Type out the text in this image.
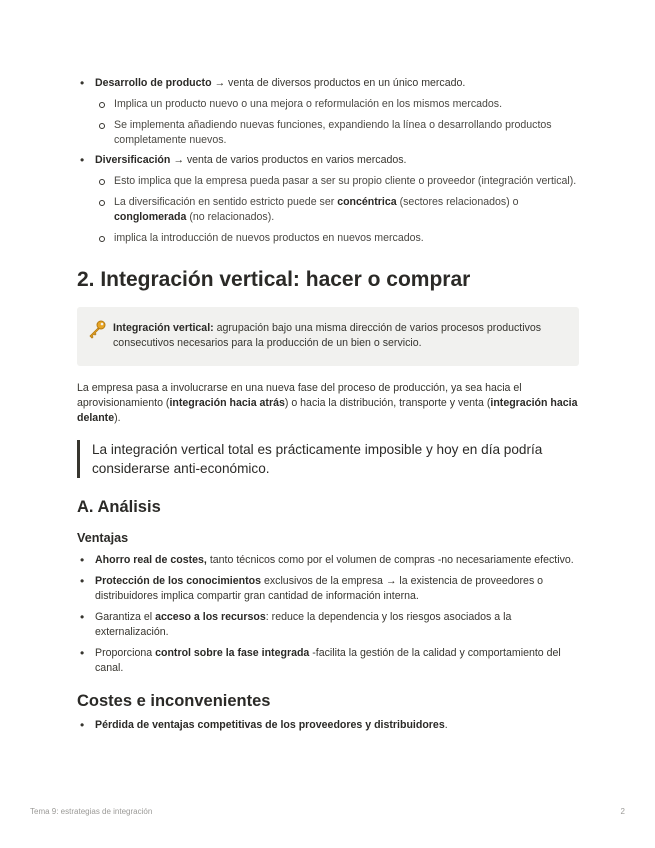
• Desarrollo de producto → venta de diversos productos en un único mercado.
Implica un producto nuevo o una mejora o reformulación en los mismos mercados.
Se implementa añadiendo nuevas funciones, expandiendo la línea o desarrollando productos completamente nuevos.
• Diversificación → venta de varios productos en varios mercados.
Esto implica que la empresa pueda pasar a ser su propio cliente o proveedor (integración vertical).
La diversificación en sentido estricto puede ser concéntrica (sectores relacionados) o conglomerada (no relacionados).
implica la introducción de nuevos productos en nuevos mercados.
2. Integración vertical: hacer o comprar
Integración vertical: agrupación bajo una misma dirección de varios procesos productivos consecutivos necesarios para la producción de un bien o servicio.
La empresa pasa a involucrarse en una nueva fase del proceso de producción, ya sea hacia el aprovisionamiento (integración hacia atrás) o hacia la distribución, transporte y venta (integración hacia delante).
La integración vertical total es prácticamente imposible y hoy en día podría considerarse anti-económico.
A. Análisis
Ventajas
• Ahorro real de costes, tanto técnicos como por el volumen de compras -no necesariamente efectivo.
• Protección de los conocimientos exclusivos de la empresa → la existencia de proveedores o distribuidores implica compartir gran cantidad de información interna.
• Garantiza el acceso a los recursos: reduce la dependencia y los riesgos asociados a la externalización.
• Proporciona control sobre la fase integrada -facilita la gestión de la calidad y comportamiento del canal.
Costes e inconvenientes
• Pérdida de ventajas competitivas de los proveedores y distribuidores.
Tema 9: estrategias de integración	2
